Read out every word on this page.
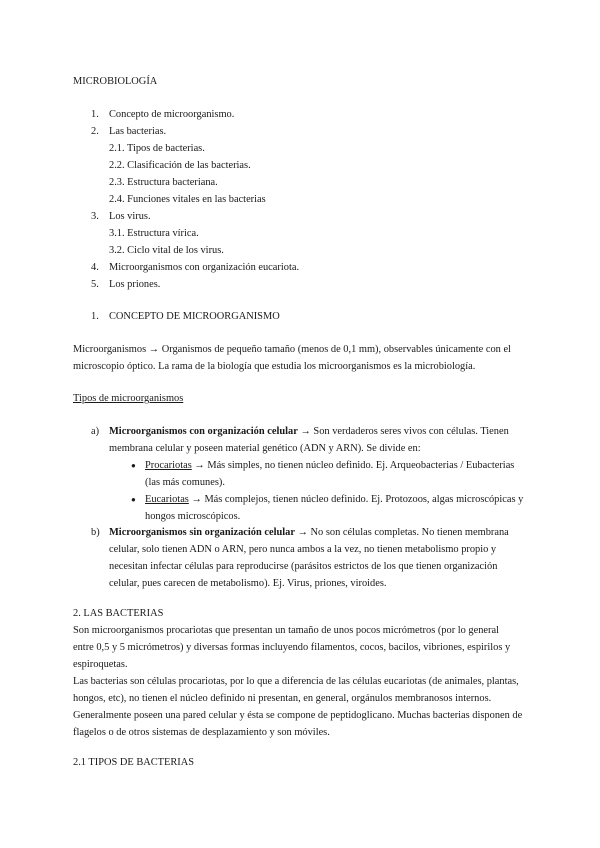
MICROBIOLOGÍA
1. Concepto de microorganismo.
2. Las bacterias.
2.1. Tipos de bacterias.
2.2. Clasificación de las bacterias.
2.3. Estructura bacteriana.
2.4. Funciones vitales en las bacterias
3. Los virus.
3.1. Estructura vírica.
3.2. Ciclo vital de los virus.
4. Microorganismos con organización eucariota.
5. Los priones.
1. CONCEPTO DE MICROORGANISMO
Microorganismos → Organismos de pequeño tamaño (menos de 0,1 mm), observables únicamente con el
microscopio óptico. La rama de la biología que estudia los microorganismos es la microbiología.
Tipos de microorganismos
a) Microorganismos con organización celular → Son verdaderos seres vivos con células. Tienen
membrana celular y poseen material genético (ADN y ARN). Se divide en:
● Procariotas → Más simples, no tienen núcleo definido. Ej. Arqueobacterias / Eubacterias
(las más comunes).
● Eucariotas → Más complejos, tienen núcleo definido. Ej. Protozoos, algas microscópicas y
hongos microscópicos.
b) Microorganismos sin organización celular → No son células completas. No tienen membrana
celular, solo tienen ADN o ARN, pero nunca ambos a la vez, no tienen metabolismo propio y
necesitan infectar células para reproducirse (parásitos estrictos de los que tienen organización
celular, pues carecen de metabolismo). Ej. Virus, priones, viroides.
2. LAS BACTERIAS
Son microorganismos procariotas que presentan un tamaño de unos pocos micrómetros (por lo general
entre 0,5 y 5 micrómetros) y diversas formas incluyendo filamentos, cocos, bacilos, vibriones, espirilos y
espiroquetas.
Las bacterias son células procariotas, por lo que a diferencia de las células eucariotas (de animales, plantas,
hongos, etc), no tienen el núcleo definido ni presentan, en general, orgánulos membranosos internos.
Generalmente poseen una pared celular y ésta se compone de peptidoglicano. Muchas bacterias disponen de
flagelos o de otros sistemas de desplazamiento y son móviles.
2.1 TIPOS DE BACTERIAS
